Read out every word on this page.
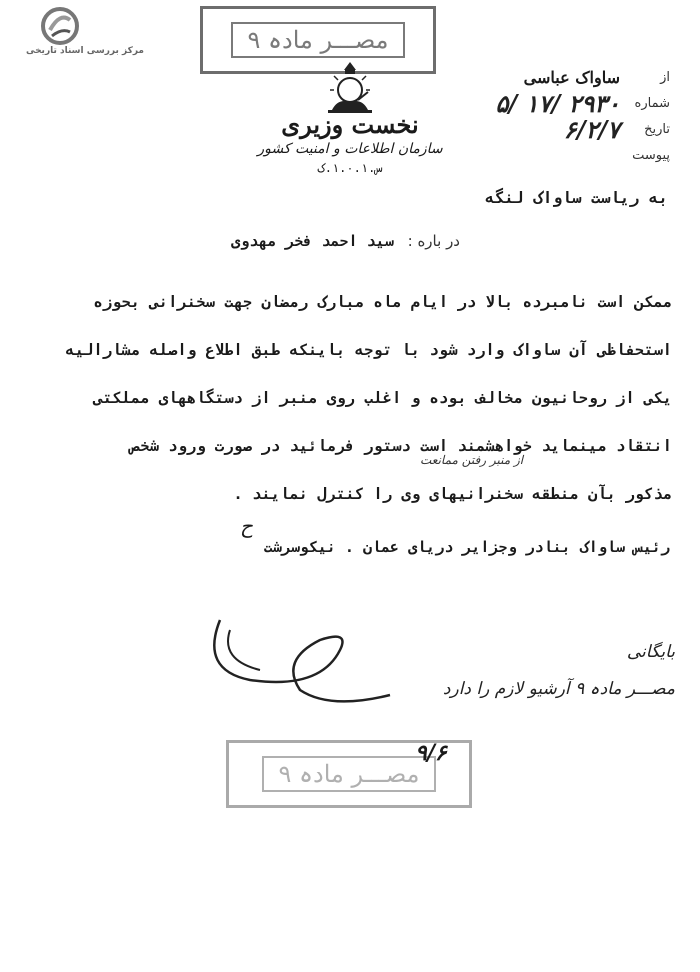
مرکز بررسی اسناد تاریخی	مصـــر مادہ ۹
نخست وزیری
سازمان اطلاعات و امنیت کشور
س.۱.۰.۱.ک
از
ساواک عباسی
شماره
۲۹۳۰ /۱۷ /۵
تاریخ
۶/۲/۷
پیوست
به ریاست ساواک لنگه
در باره :
سید احمد فخر مهدوی
ممکن است نامبرده بالا در ایام ماه مبارک رمضان جهت سخنرانی بحوزه
استحفاظی آن ساواک وارد شود با توجه باینکه طبق اطلاع واصله مشارالیه
یکی از روحانیون مخالف بوده و اغلب روی منبر از دستگاههای مملکتی
انتقاد مینماید خواهشمند است دستور فرمائید در صورت ورود شخص
مذکور بآن منطقه سخنرانیهای وی را کنترل نمایند .
از منبر رفتن ممانعت
ح
رئیس ساواک بنادر وجزایر دریای عمان . نیکوسرشت
بایگانی
مصـــر مادہ ۹ آرشیو لازم را دارد
مصـــر مادہ ۹
۹/۶
